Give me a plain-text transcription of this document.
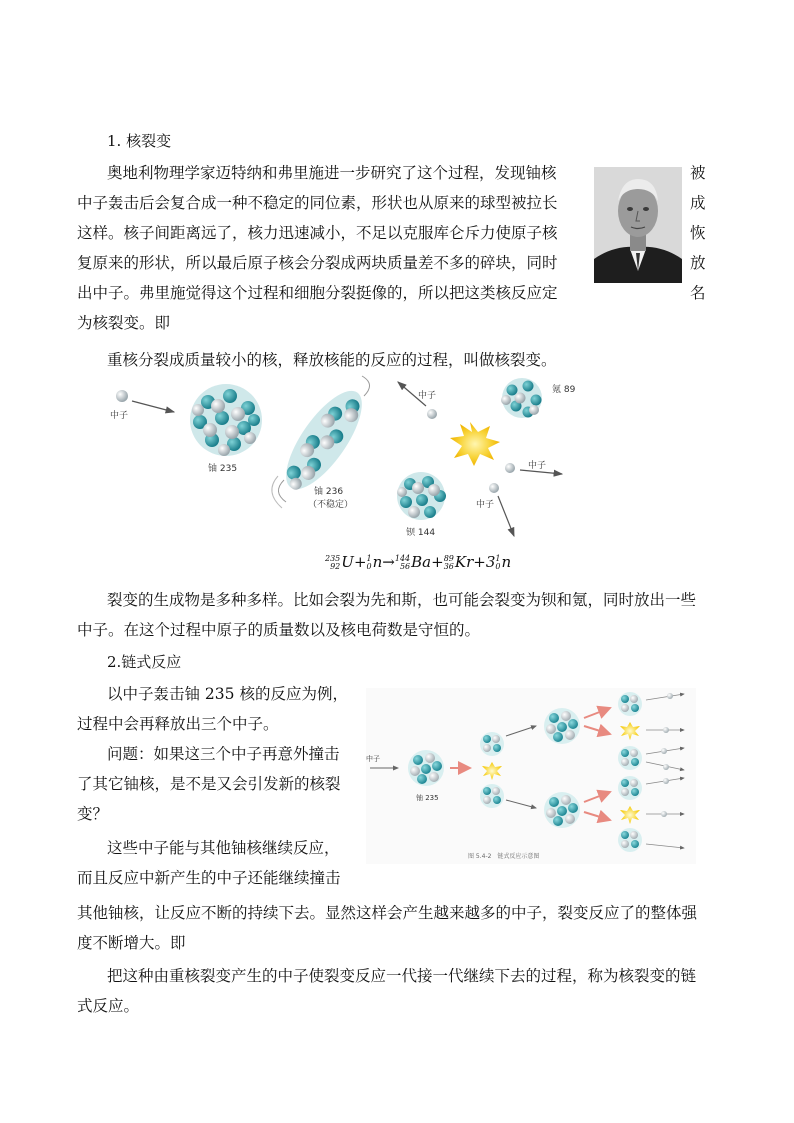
1. 核裂变
奥地利物理学家迈特纳和弗里施进一步研究了这个过程，发现铀核
中子轰击后会复合成一种不稳定的同位素，形状也从原来的球型被拉长
这样。核子间距离远了，核力迅速减小，不足以克服库仑斥力使原子核
复原来的形状，所以最后原子核会分裂成两块质量差不多的碎块，同时
出中子。弗里施觉得这个过程和细胞分裂挺像的，所以把这类核反应定
为核裂变。即
被
成
恢
放
名
重核分裂成质量较小的核，释放核能的反应的过程，叫做核裂变。
中子
铀 235
铀 236
（不稳定）
钡 144
氪 89
中子
中子
中子
235
92 U+ 1
0 n→ 144
56 Ba+ 89
36 Kr+3 1
0 n
裂变的生成物是多种多样。比如会裂为先和斯，也可能会裂变为钡和氪，同时放出一些
中子。在这个过程中原子的质量数以及核电荷数是守恒的。
2.链式反应
以中子轰击铀 235 核的反应为例，
过程中会再释放出三个中子。
问题：如果这三个中子再意外撞击
了其它铀核，是不是又会引发新的核裂
变？
这些中子能与其他铀核继续反应，
而且反应中新产生的中子还能继续撞击
其他铀核，让反应不断的持续下去。显然这样会产生越来越多的中子，裂变反应了的整体强
度不断增大。即
把这种由重核裂变产生的中子使裂变反应一代接一代继续下去的过程，称为核裂变的链
式反应。
中子
铀 235
图 5.4-2　链式反应示意图
